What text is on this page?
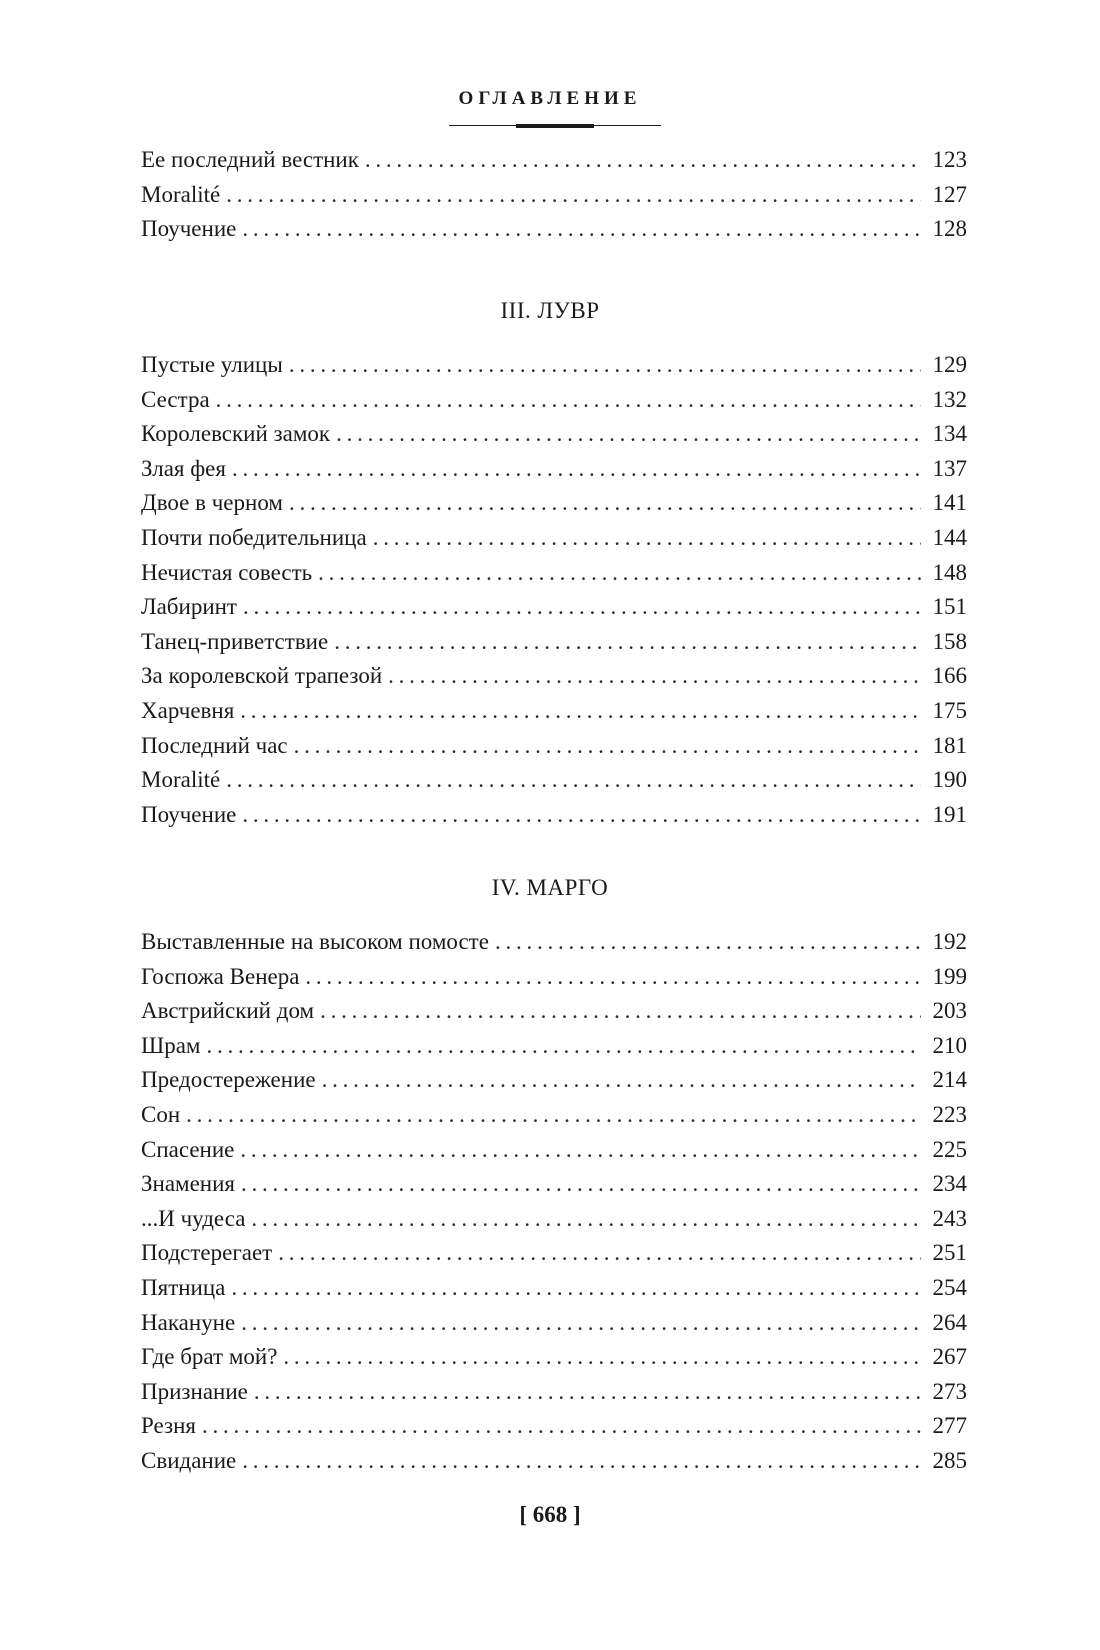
ОГЛАВЛЕНИЕ
Ее последний вестник . . .	123
Moralité . . .	127
Поучение . . .	128
III. ЛУВР
Пустые улицы . . .	129
Сестра . . .	132
Королевский замок . . .	134
Злая фея . . .	137
Двое в черном . . .	141
Почти победительница . . .	144
Нечистая совесть . . .	148
Лабиринт . . .	151
Танец-приветствие . . .	158
За королевской трапезой . . .	166
Харчевня . . .	175
Последний час . . .	181
Moralité . . .	190
Поучение . . .	191
IV. МАРГО
Выставленные на высоком помосте . . .	192
Госпожа Венера . . .	199
Австрийский дом . . .	203
Шрам . . .	210
Предостережение . . .	214
Сон . . .	223
Спасение . . .	225
Знамения . . .	234
...И чудеса . . .	243
Подстерегает . . .	251
Пятница . . .	254
Накануне . . .	264
Где брат мой? . . .	267
Признание . . .	273
Резня . . .	277
Свидание . . .	285
[ 668 ]
